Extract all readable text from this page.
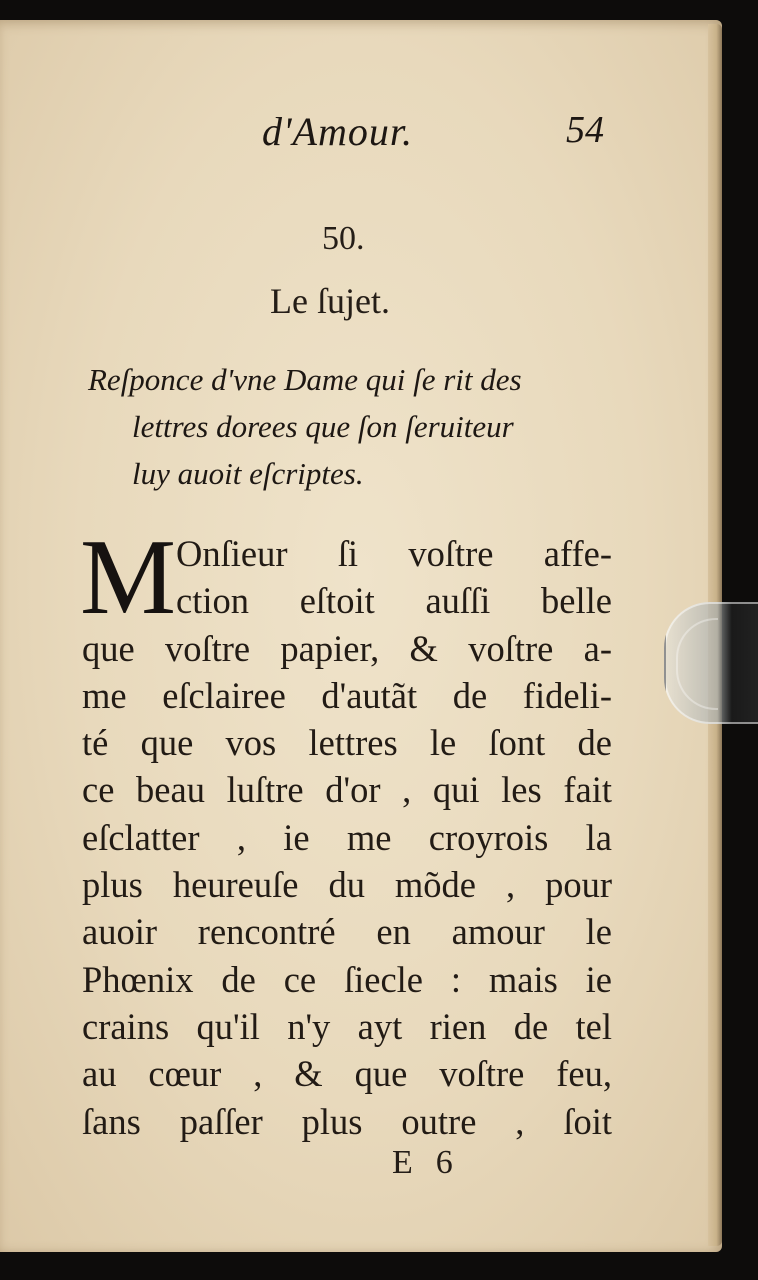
d'Amour.	54
50.
Le ſujet.
Reſponce d'vne Dame qui ſe rit des
lettres dorees que ſon ſeruiteur
luy auoit eſcriptes.
M Onſieur ſi voſtre affe-
ction eſtoit auſſi belle
que voſtre papier, & voſtre a-
me eſclairee d'autãt de fideli-
té que vos lettres le ſont de
ce beau luſtre d'or , qui les fait
eſclatter , ie me croyrois la
plus heureuſe du mõde , pour
auoir rencontré en amour le
Phœnix de ce ſiecle : mais ie
crains qu'il n'y ayt rien de tel
au cœur , & que voſtre feu,
ſans paſſer plus outre , ſoit
E  6
